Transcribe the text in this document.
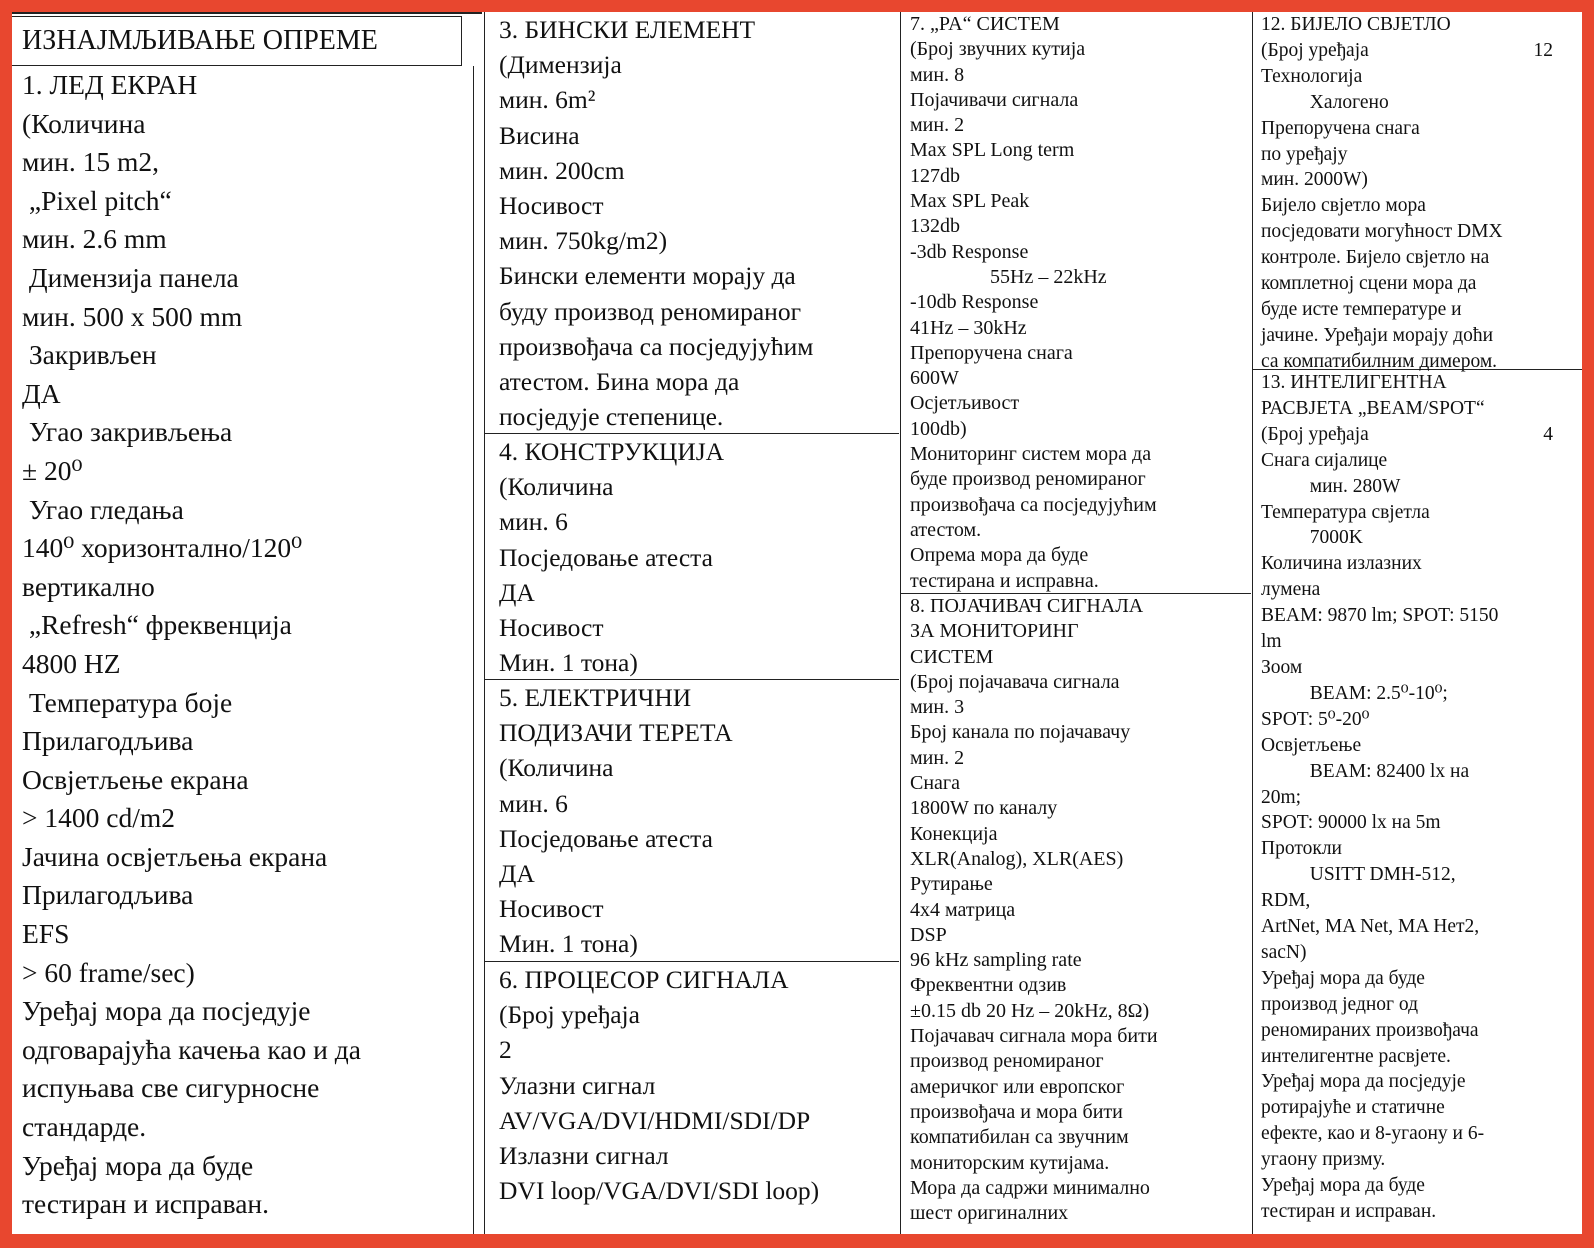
ИЗНАЈМЉИВАЊЕ ОПРЕМЕ
1. ЛЕД ЕКРАН
(Количина
мин. 15 m2,
„Pixel pitch“
мин. 2.6 mm
Димензија панела
мин. 500 x 500 mm
Закривљен
ДА
Угао закривљења
± 20⁰
Угао гледања
140⁰ хоризонтално/120⁰
вертикално
„Refresh“ фреквенција
4800 HZ
Температура боје
Прилагодљива
Освјетљење екрана
> 1400 cd/m2
Јачина освјетљења екрана
Прилагодљива
EFS
> 60 frame/sec)
Уређај мора да посједује
одговарајућа качења као и да
испуњава све сигурносне
стандарде.
Уређај мора да буде
тестиран и исправан.
3. БИНСКИ ЕЛЕМЕНТ
(Димензија
мин. 6m²
Висина
мин. 200cm
Носивост
мин. 750kg/m2)
Бински елементи морају да
буду производ реномираног
произвођача са посједујућим
атестом. Бина мора да
посједује степенице.
4. КОНСТРУКЦИЈА
(Количина
мин. 6
Посједовање атеста
ДА
Носивост
Мин. 1 тона)
5. ЕЛЕКТРИЧНИ
ПОДИЗАЧИ ТЕРЕТА
(Количина
мин. 6
Посједовање атеста
ДА
Носивост
Мин. 1 тона)
6. ПРОЦЕСОР СИГНАЛА
(Број уређаја
2
Улазни сигнал
AV/VGA/DVI/HDMI/SDI/DP
Излазни сигнал
DVI loop/VGA/DVI/SDI loop)
7. „PA“ СИСТЕМ
(Број звучних кутија
мин. 8
Појачивачи сигнала
мин. 2
Max SPL Long term
127db
Max SPL Peak
132db
-3db Response
55Hz – 22kHz
-10db Response
41Hz – 30kHz
Препоручена снага
600W
Осјетљивост
100db)
Мониторинг систем мора да
буде производ реномираног
произвођача са посједујућим
атестом.
Опрема мора да буде
тестирана и исправна.
8. ПОЈАЧИВАЧ СИГНАЛА
ЗА МОНИТОРИНГ
СИСТЕМ
(Број појачавача сигнала
мин. 3
Број канала по појачавачу
мин. 2
Снага
1800W по каналу
Конекција
XLR(Analog), XLR(AES)
Рутирање
4x4 матрица
DSP
96 kHz sampling rate
Фреквентни одзив
±0.15 db 20 Hz – 20kHz, 8Ω)
Појачавач сигнала мора бити
производ реномираног
америчког или европског
произвођача и мора бити
компатибилан са звучним
мониторским кутијама.
Мора да садржи минимално
шест оригиналних
12. БИЈЕЛО СВЈЕТЛО
(Број уређаја	12
Технологија
Халогено
Препоручена снага
по уређају
мин. 2000W)
Бијело свјетло мора
посједовати могућност DMX
контроле. Бијело свјетло на
комплетној сцени мора да
буде исте температуре и
јачине. Уређаји морају доћи
са компатибилним димером.
13. ИНТЕЛИГЕНТНА
РАСВЈЕТА „BEAM/SPOT“
(Број уређаја	4
Снага сијалице
мин. 280W
Температура свјетла
7000K
Количина излазних
лумена
BEAM: 9870 lm; SPOT: 5150
lm
Зоом
BEAM: 2.5⁰-10⁰;
SPOT: 5⁰-20⁰
Освјетљење
BEAM: 82400 lx на
20m;
SPOT: 90000 lx на 5m
Протокли
USITT DMH-512,
RDM,
ArtNet, MA Net, MA Нет2,
sacN)
Уређај мора да буде
производ једног од
реномираних произвођача
интелигентне расвјете.
Уређај мора да посједује
ротирајуће и статичне
ефекте, као и 8-угаону и 6-
угаону призму.
Уређај мора да буде
тестиран и исправан.
